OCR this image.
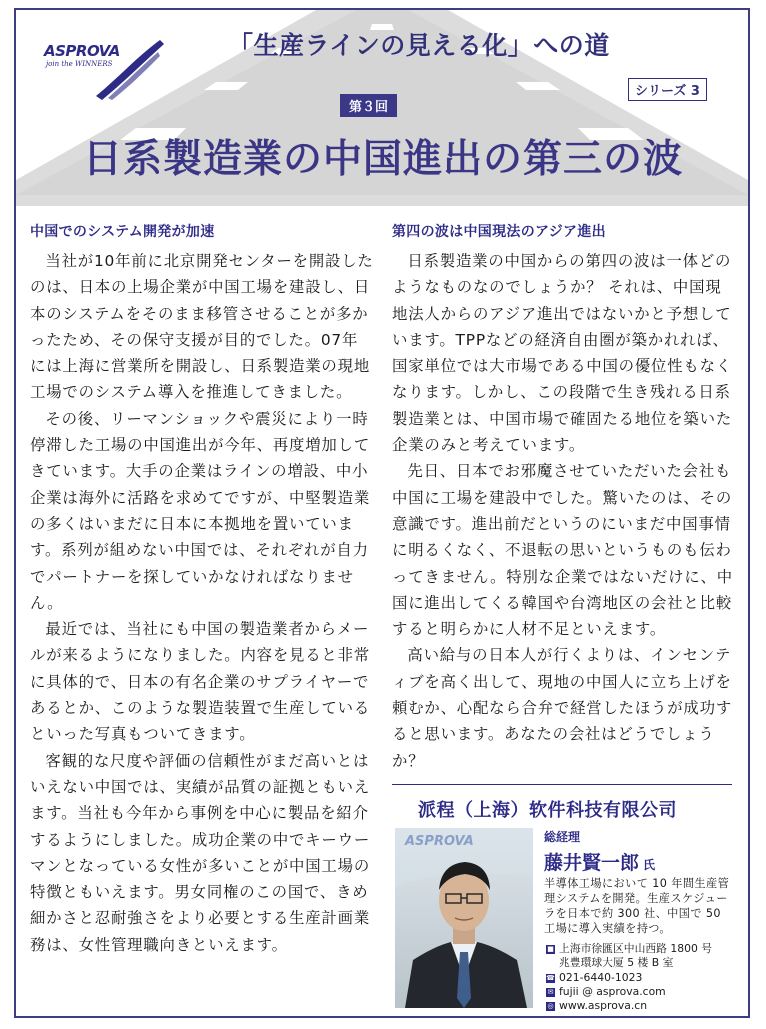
ASPROVA
join the WINNERS
「生産ラインの見える化」への道
シリーズ 3
第３回
日系製造業の中国進出の第三の波
中国でのシステム開発が加速

当社が10年前に北京開発センターを開設したのは、日本の上場企業が中国工場を建設し、日本のシステムをそのまま移管させることが多かったため、その保守支援が目的でした。07年には上海に営業所を開設し、日系製造業の現地工場でのシステム導入を推進してきました。

その後、リーマンショックや震災により一時停滞した工場の中国進出が今年、再度増加してきています。大手の企業はラインの増設、中小企業は海外に活路を求めてですが、中堅製造業の多くはいまだに日本に本拠地を置いています。系列が組めない中国では、それぞれが自力でパートナーを探していかなければなりません。

最近では、当社にも中国の製造業者からメールが来るようになりました。内容を見ると非常に具体的で、日本の有名企業のサプライヤーであるとか、このような製造装置で生産しているといった写真もついてきます。

客観的な尺度や評価の信頼性がまだ高いとはいえない中国では、実績が品質の証拠ともいえます。当社も今年から事例を中心に製品を紹介するようにしました。成功企業の中でキーウーマンとなっている女性が多いことが中国工場の特徴ともいえます。男女同権のこの国で、きめ細かさと忍耐強さをより必要とする生産計画業務は、女性管理職向きといえます。

第四の波は中国現法のアジア進出

日系製造業の中国からの第四の波は一体どのようなものなのでしょうか？ それは、中国現地法人からのアジア進出ではないかと予想しています。TPPなどの経済自由圏が築かれれば、国家単位では大市場である中国の優位性もなくなります。しかし、この段階で生き残れる日系製造業とは、中国市場で確固たる地位を築いた企業のみと考えています。

先日、日本でお邪魔させていただいた会社も中国に工場を建設中でした。驚いたのは、その意識です。進出前だというのにいまだ中国事情に明るくなく、不退転の思いというものも伝わってきません。特別な企業ではないだけに、中国に進出してくる韓国や台湾地区の会社と比較すると明らかに人材不足といえます。

高い給与の日本人が行くよりは、インセンティブを高く出して、現地の中国人に立ち上げを頼むか、心配なら合弁で経営したほうが成功すると思います。あなたの会社はどうでしょうか？

派程（上海）软件科技有限公司
総経理
藤井賢一郎 氏
半導体工場において 10 年間生産管理システムを開発。生産スケジューラを日本で約 300 社、中国で 50 工場に導入実績を持つ。
■ 上海市徐匯区中山西路 1800 号
兆豊環球大厦 5 楼 B 室
☎ 021-6440-1023
✉ fujii @ asprova.com
◎ www.asprova.cn
